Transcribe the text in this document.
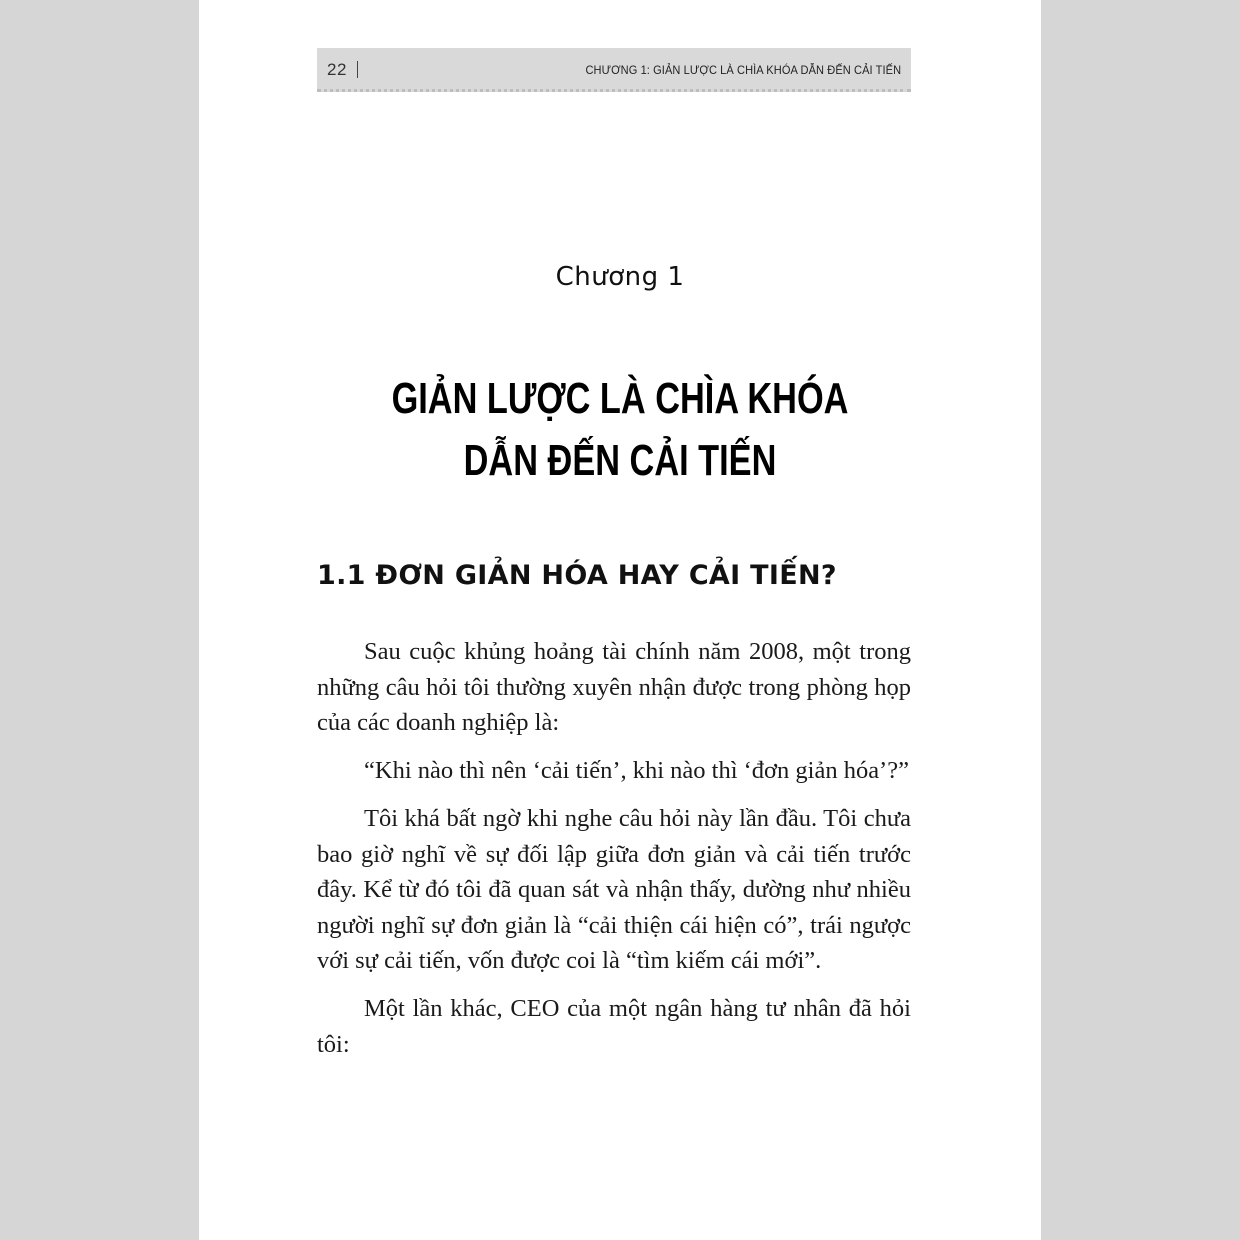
22	CHƯƠNG 1: GIẢN LƯỢC LÀ CHÌA KHÓA DẪN ĐẾN CẢI TIẾN
Chương 1
GIẢN LƯỢC LÀ CHÌA KHÓA
DẪN ĐẾN CẢI TIẾN
1.1 ĐƠN GIẢN HÓA HAY CẢI TIẾN?

Sau cuộc khủng hoảng tài chính năm 2008, một trong những câu hỏi tôi thường xuyên nhận được trong phòng họp của các doanh nghiệp là:

“Khi nào thì nên ‘cải tiến’, khi nào thì ‘đơn giản hóa’?”

Tôi khá bất ngờ khi nghe câu hỏi này lần đầu. Tôi chưa bao giờ nghĩ về sự đối lập giữa đơn giản và cải tiến trước đây. Kể từ đó tôi đã quan sát và nhận thấy, dường như nhiều người nghĩ sự đơn giản là “cải thiện cái hiện có”, trái ngược với sự cải tiến, vốn được coi là “tìm kiếm cái mới”.

Một lần khác, CEO của một ngân hàng tư nhân đã hỏi tôi:
